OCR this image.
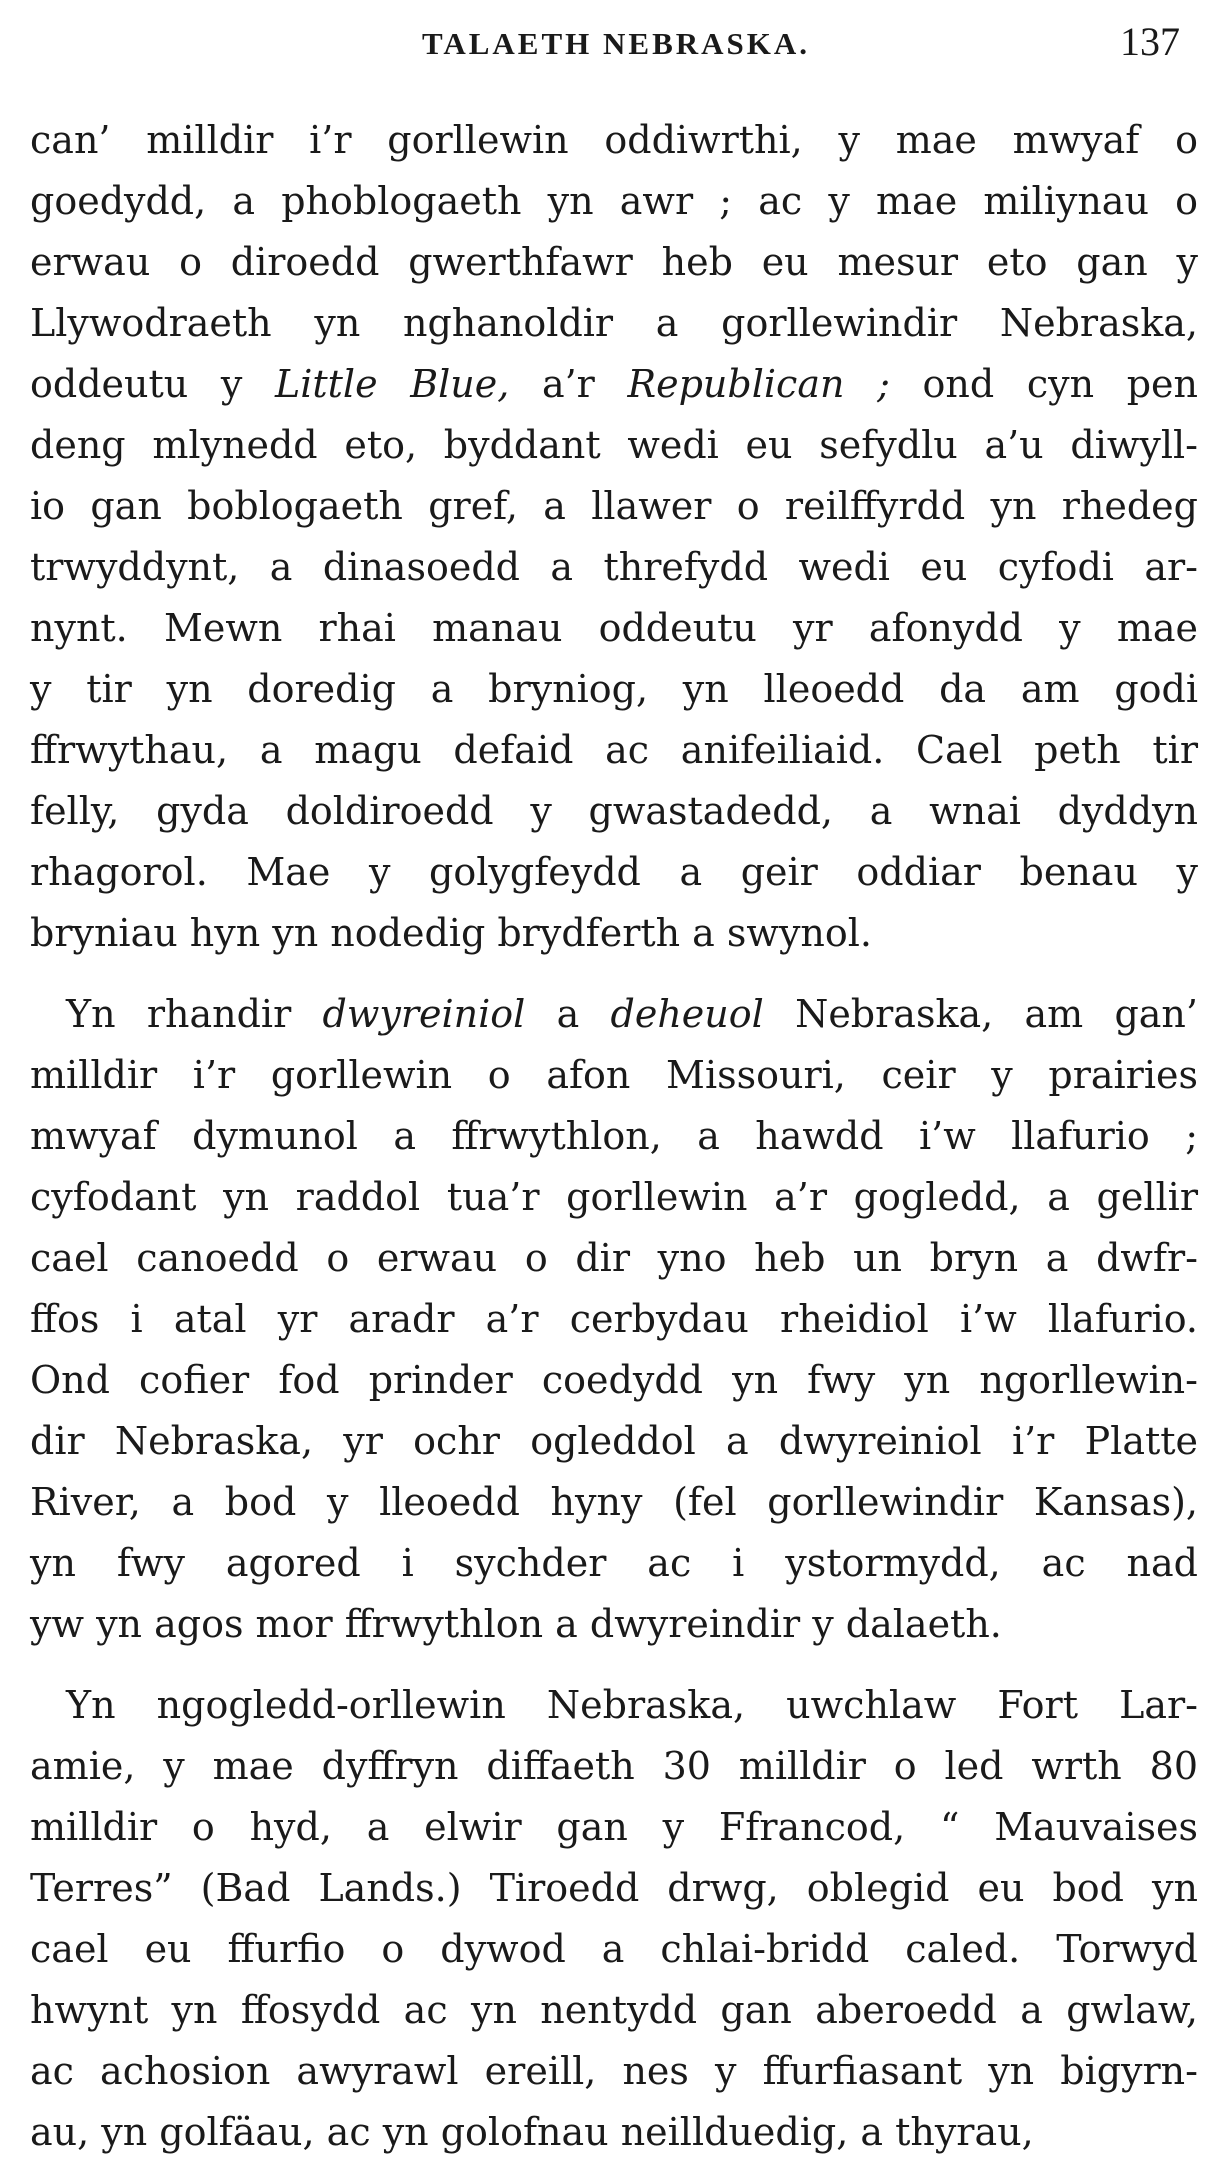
TALAETH NEBRASKA.	137
can’ milldir i’r gorllewin oddiwrthi, y mae mwyaf o
goedydd, a phoblogaeth yn awr ; ac y mae miliynau o
erwau o diroedd gwerthfawr heb eu mesur eto gan y
Llywodraeth yn nghanoldir a gorllewindir Nebraska,
oddeutu y Little Blue, a’r Republican ; ond cyn pen
deng mlynedd eto, byddant wedi eu sefydlu a’u diwyll-
io gan boblogaeth gref, a llawer o reilffyrdd yn rhedeg
trwyddynt, a dinasoedd a threfydd wedi eu cyfodi ar-
nynt. Mewn rhai manau oddeutu yr afonydd y mae
y tir yn doredig a bryniog, yn lleoedd da am godi
ffrwythau, a magu defaid ac anifeiliaid. Cael peth tir
felly, gyda doldiroedd y gwastadedd, a wnai dyddyn
rhagorol. Mae y golygfeydd a geir oddiar benau y
bryniau hyn yn nodedig brydferth a swynol.
Yn rhandir dwyreiniol a deheuol Nebraska, am gan’
milldir i’r gorllewin o afon Missouri, ceir y prairies
mwyaf dymunol a ffrwythlon, a hawdd i’w llafurio ;
cyfodant yn raddol tua’r gorllewin a’r gogledd, a gellir
cael canoedd o erwau o dir yno heb un bryn a dwfr-
ffos i atal yr aradr a’r cerbydau rheidiol i’w llafurio.
Ond cofier fod prinder coedydd yn fwy yn ngorllewin-
dir Nebraska, yr ochr ogleddol a dwyreiniol i’r Platte
River, a bod y lleoedd hyny (fel gorllewindir Kansas),
yn fwy agored i sychder ac i ystormydd, ac nad
yw yn agos mor ffrwythlon a dwyreindir y dalaeth.
Yn ngogledd-orllewin Nebraska, uwchlaw Fort Lar-
amie, y mae dyffryn diffaeth 30 milldir o led wrth 80
milldir o hyd, a elwir gan y Ffrancod, “ Mauvaises
Terres” (Bad Lands.) Tiroedd drwg, oblegid eu bod yn
cael eu ffurfio o dywod a chlai-bridd caled. Torwyd
hwynt yn ffosydd ac yn nentydd gan aberoedd a gwlaw,
ac achosion awyrawl ereill, nes y ffurfiasant yn bigyrn-
au, yn golfäau, ac yn golofnau neillduedig, a thyrau,
